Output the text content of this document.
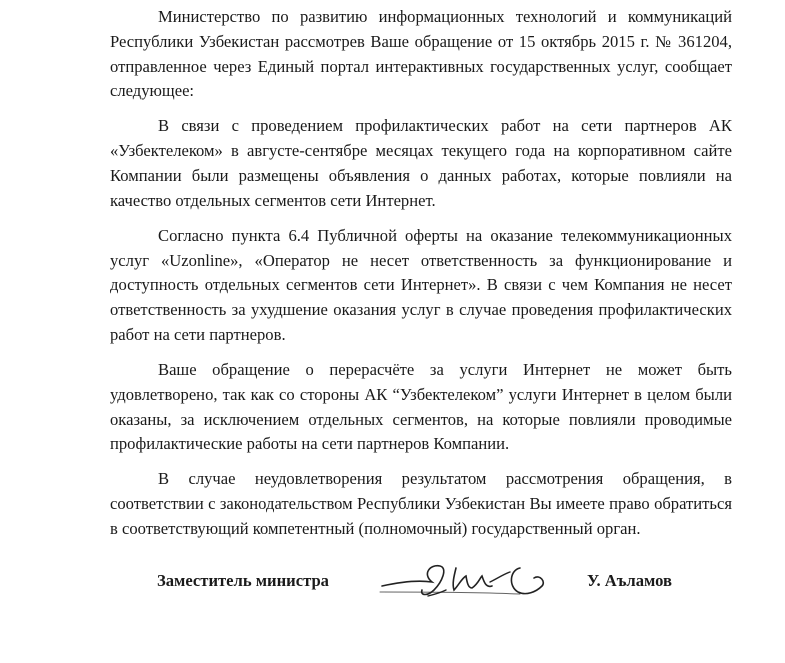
Министерство по развитию информационных технологий и коммуникаций Республики Узбекистан рассмотрев Ваше обращение от 15 октябрь 2015 г. № 361204, отправленное через Единый портал интерактивных государственных услуг, сообщает следующее:

В связи с проведением профилактических работ на сети партнеров АК «Узбектелеком» в августе-сентябре месяцах текущего года на корпоративном сайте Компании были размещены объявления о данных работах, которые повлияли на качество отдельных сегментов сети Интернет.

Согласно пункта 6.4 Публичной оферты на оказание телекоммуникационных услуг «Uzonline», «Оператор не несет ответственность за функционирование и доступность отдельных сегментов сети Интернет». В связи с чем Компания не несет ответственность за ухудшение оказания услуг в случае проведения профилактических работ на сети партнеров.

Ваше обращение о перерасчёте за услуги Интернет не может быть удовлетворено, так как со стороны АК “Узбектелеком” услуги Интернет в целом были оказаны, за исключением отдельных сегментов, на которые повлияли проводимые профилактические работы на сети партнеров Компании.

В случае неудовлетворения результатом рассмотрения обращения, в соответствии с законодательством Республики Узбекистан Вы имеете право обратиться в соответствующий компетентный (полномочный) государственный орган.

Заместитель министра	У. Аъламов
